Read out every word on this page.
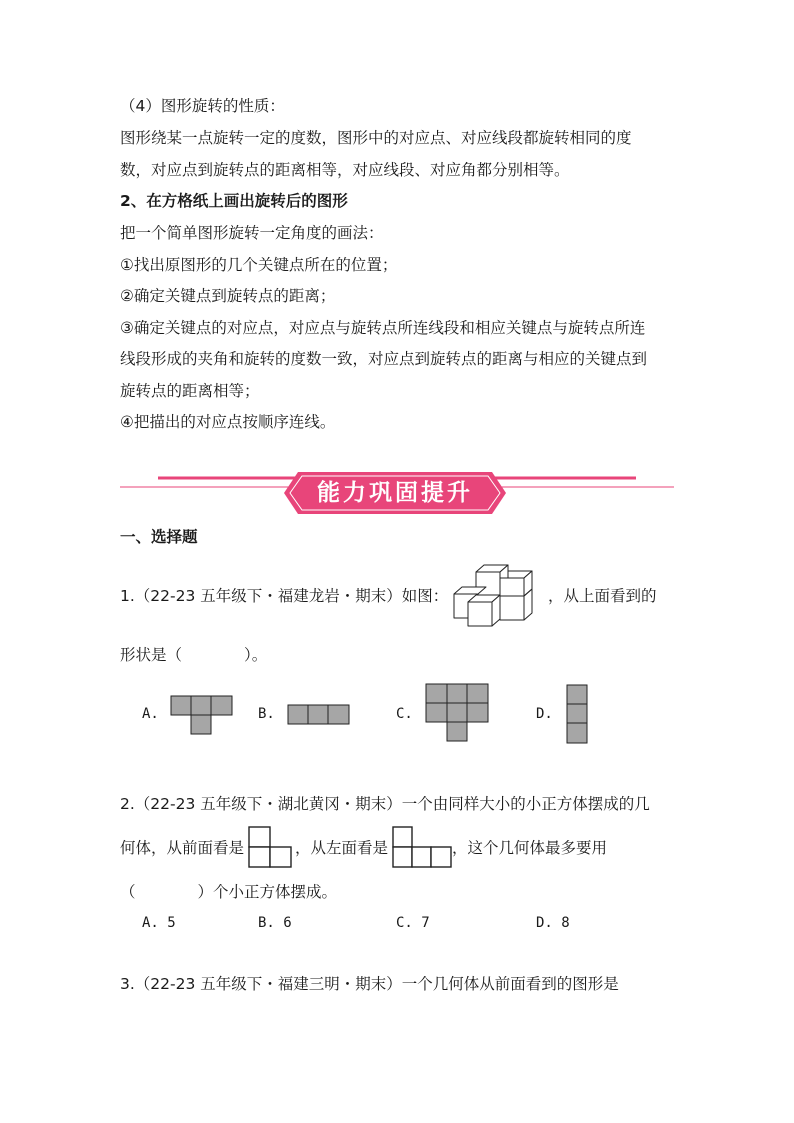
（4）图形旋转的性质：
图形绕某一点旋转一定的度数，图形中的对应点、对应线段都旋转相同的度
数，对应点到旋转点的距离相等，对应线段、对应角都分别相等。
2、在方格纸上画出旋转后的图形
把一个简单图形旋转一定角度的画法：
①找出原图形的几个关键点所在的位置；
②确定关键点到旋转点的距离；
③确定关键点的对应点，对应点与旋转点所连线段和相应关键点与旋转点所连
线段形成的夹角和旋转的度数一致，对应点到旋转点的距离与相应的关键点到
旋转点的距离相等；
④把描出的对应点按顺序连线。
能力巩固提升
一、选择题
1.（22-23 五年级下・福建龙岩・期末）如图：	，从上面看到的
形状是（　　　　）。
A.	B.	C.	D.
2.（22-23 五年级下・湖北黄冈・期末）一个由同样大小的小正方体摆成的几
何体，从前面看是	，从左面看是	，这个几何体最多要用
（　　　　）个小正方体摆成。
A. 5	B. 6	C. 7	D. 8
3.（22-23 五年级下・福建三明・期末）一个几何体从前面看到的图形是
